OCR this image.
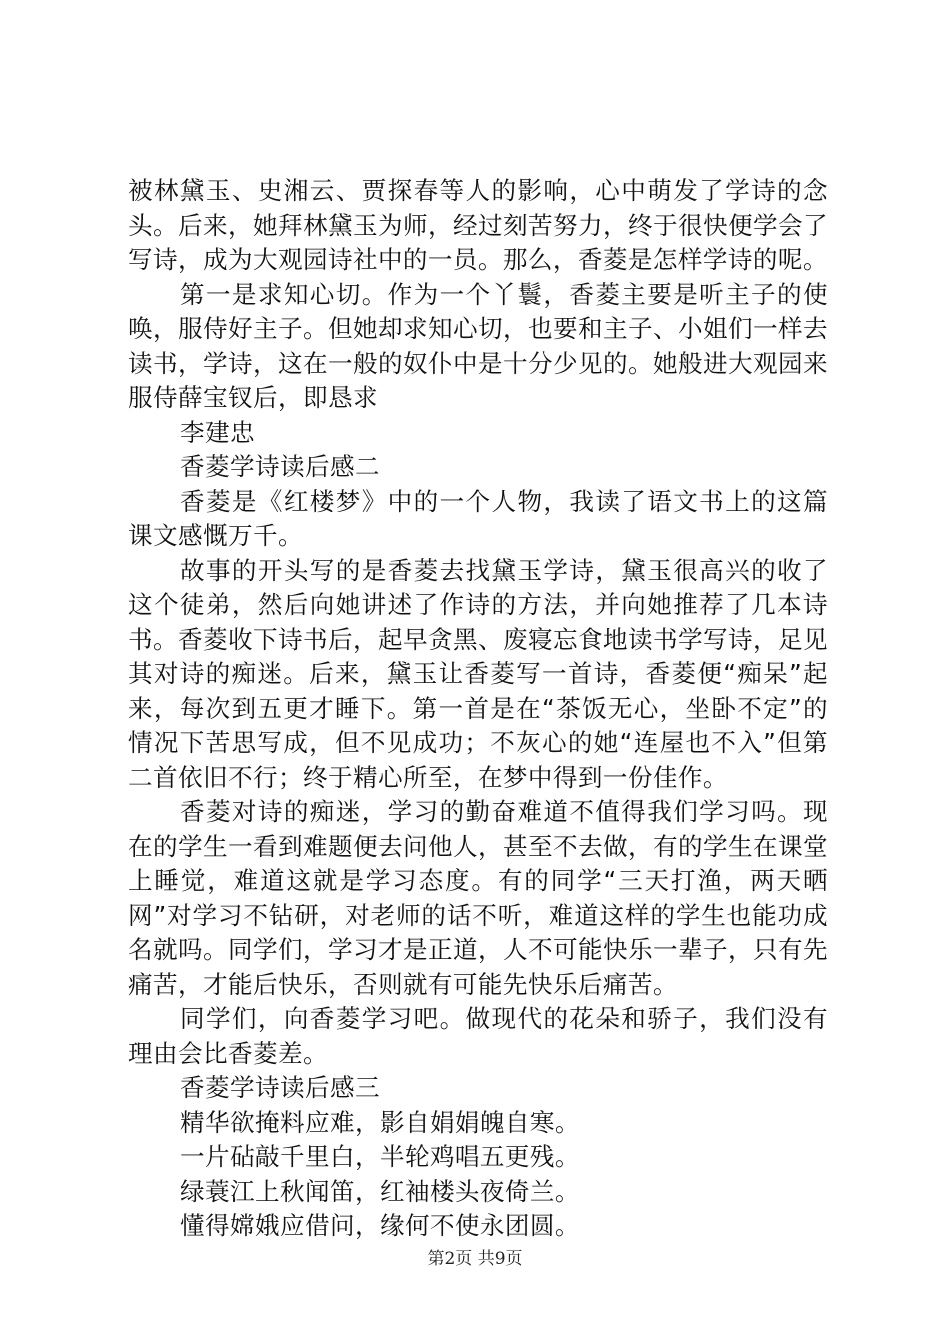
被林黛玉、史湘云、贾探春等人的影响，心中萌发了学诗的念头。后来，她拜林黛玉为师，经过刻苦努力，终于很快便学会了写诗，成为大观园诗社中的一员。那么，香菱是怎样学诗的呢。

第一是求知心切。作为一个丫鬟，香菱主要是听主子的使唤，服侍好主子。但她却求知心切，也要和主子、小姐们一样去读书，学诗，这在一般的奴仆中是十分少见的。她般进大观园来服侍薛宝钗后，即恳求

李建忠

香菱学诗读后感二

香菱是《红楼梦》中的一个人物，我读了语文书上的这篇课文感慨万千。

故事的开头写的是香菱去找黛玉学诗，黛玉很高兴的收了这个徒弟，然后向她讲述了作诗的方法，并向她推荐了几本诗书。香菱收下诗书后，起早贪黑、废寝忘食地读书学写诗，足见其对诗的痴迷。后来，黛玉让香菱写一首诗，香菱便“痴呆”起来，每次到五更才睡下。第一首是在“茶饭无心，坐卧不定”的情况下苦思写成，但不见成功；不灰心的她“连屋也不入”但第二首依旧不行；终于精心所至，在梦中得到一份佳作。

香菱对诗的痴迷，学习的勤奋难道不值得我们学习吗。现在的学生一看到难题便去问他人，甚至不去做，有的学生在课堂上睡觉，难道这就是学习态度。有的同学“三天打渔，两天晒网”对学习不钻研，对老师的话不听，难道这样的学生也能功成名就吗。同学们，学习才是正道，人不可能快乐一辈子，只有先痛苦，才能后快乐，否则就有可能先快乐后痛苦。

同学们，向香菱学习吧。做现代的花朵和骄子，我们没有理由会比香菱差。

香菱学诗读后感三

精华欲掩料应难，影自娟娟魄自寒。

一片砧敲千里白，半轮鸡唱五更残。

绿蓑江上秋闻笛，红袖楼头夜倚兰。

懂得嫦娥应借问，缘何不使永团圆。

第2页 共9页
